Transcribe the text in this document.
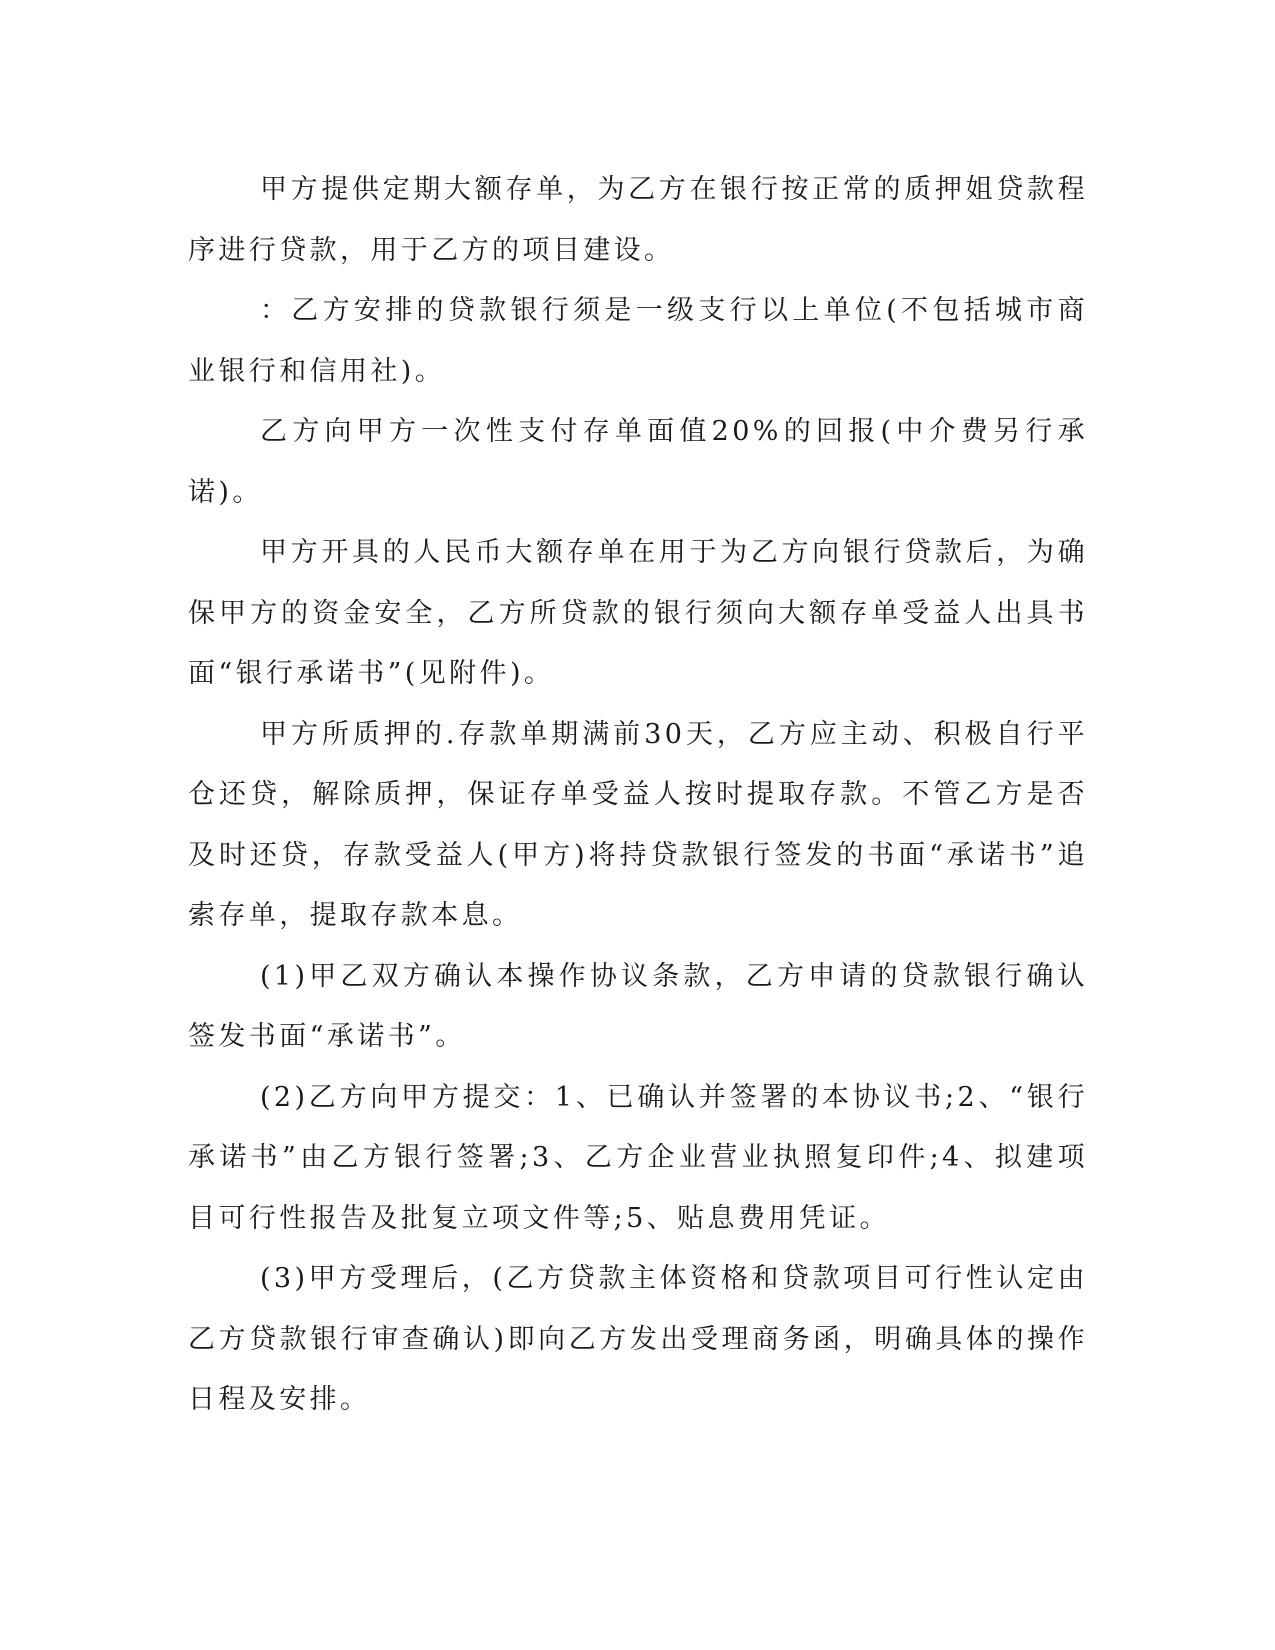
甲方提供定期大额存单，为乙方在银行按正常的质押姐贷款程序进行贷款，用于乙方的项目建设。

：乙方安排的贷款银行须是一级支行以上单位(不包括城市商业银行和信用社)。

乙方向甲方一次性支付存单面值20%的回报(中介费另行承诺)。

甲方开具的人民币大额存单在用于为乙方向银行贷款后，为确保甲方的资金安全，乙方所贷款的银行须向大额存单受益人出具书面“银行承诺书”(见附件)。

甲方所质押的.存款单期满前30天，乙方应主动、积极自行平仓还贷，解除质押，保证存单受益人按时提取存款。不管乙方是否及时还贷，存款受益人(甲方)将持贷款银行签发的书面“承诺书”追索存单，提取存款本息。

(1)甲乙双方确认本操作协议条款，乙方申请的贷款银行确认签发书面“承诺书”。

(2)乙方向甲方提交：1、已确认并签署的本协议书;2、“银行承诺书”由乙方银行签署;3、乙方企业营业执照复印件;4、拟建项目可行性报告及批复立项文件等;5、贴息费用凭证。

(3)甲方受理后，(乙方贷款主体资格和贷款项目可行性认定由乙方贷款银行审查确认)即向乙方发出受理商务函，明确具体的操作日程及安排。
